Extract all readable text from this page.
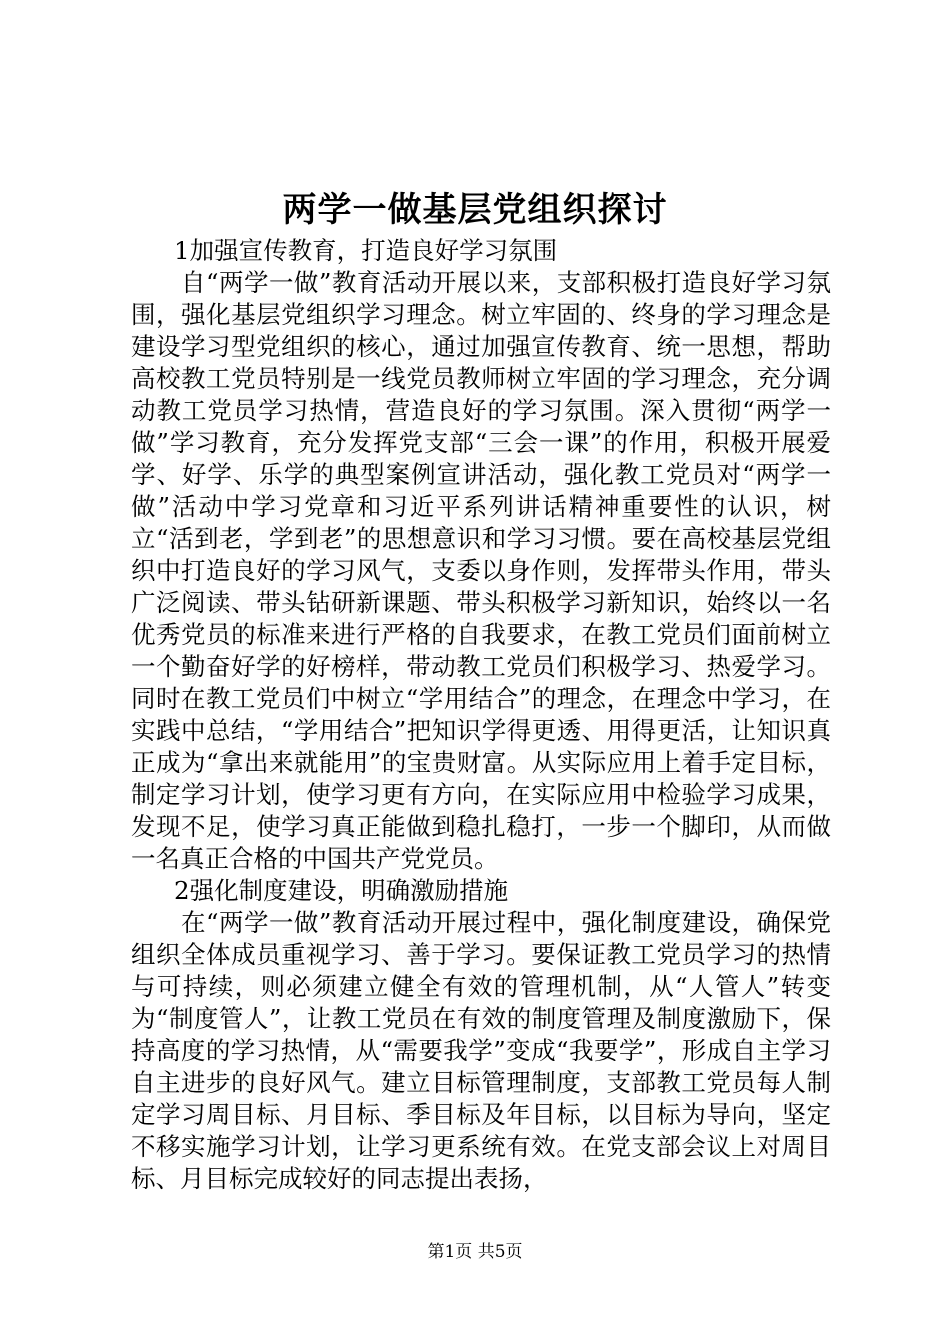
两学一做基层党组织探讨

1加强宣传教育，打造良好学习氛围

自“两学一做”教育活动开展以来，支部积极打造良好学习氛围，强化基层党组织学习理念。树立牢固的、终身的学习理念是建设学习型党组织的核心，通过加强宣传教育、统一思想，帮助高校教工党员特别是一线党员教师树立牢固的学习理念，充分调动教工党员学习热情，营造良好的学习氛围。深入贯彻“两学一做”学习教育，充分发挥党支部“三会一课”的作用，积极开展爱学、好学、乐学的典型案例宣讲活动，强化教工党员对“两学一做”活动中学习党章和习近平系列讲话精神重要性的认识，树立“活到老，学到老”的思想意识和学习习惯。要在高校基层党组织中打造良好的学习风气，支委以身作则，发挥带头作用，带头广泛阅读、带头钻研新课题、带头积极学习新知识，始终以一名优秀党员的标准来进行严格的自我要求，在教工党员们面前树立一个勤奋好学的好榜样，带动教工党员们积极学习、热爱学习。同时在教工党员们中树立“学用结合”的理念，在理念中学习，在实践中总结，“学用结合”把知识学得更透、用得更活，让知识真正成为“拿出来就能用”的宝贵财富。从实际应用上着手定目标，制定学习计划，使学习更有方向，在实际应用中检验学习成果，发现不足，使学习真正能做到稳扎稳打，一步一个脚印，从而做一名真正合格的中国共产党党员。

2强化制度建设，明确激励措施

在“两学一做”教育活动开展过程中，强化制度建设，确保党组织全体成员重视学习、善于学习。要保证教工党员学习的热情与可持续，则必须建立健全有效的管理机制，从“人管人”转变为“制度管人”，让教工党员在有效的制度管理及制度激励下，保持高度的学习热情，从“需要我学”变成“我要学”，形成自主学习自主进步的良好风气。建立目标管理制度，支部教工党员每人制定学习周目标、月目标、季目标及年目标，以目标为导向，坚定不移实施学习计划，让学习更系统有效。在党支部会议上对周目标、月目标完成较好的同志提出表扬，

第1页 共5页
